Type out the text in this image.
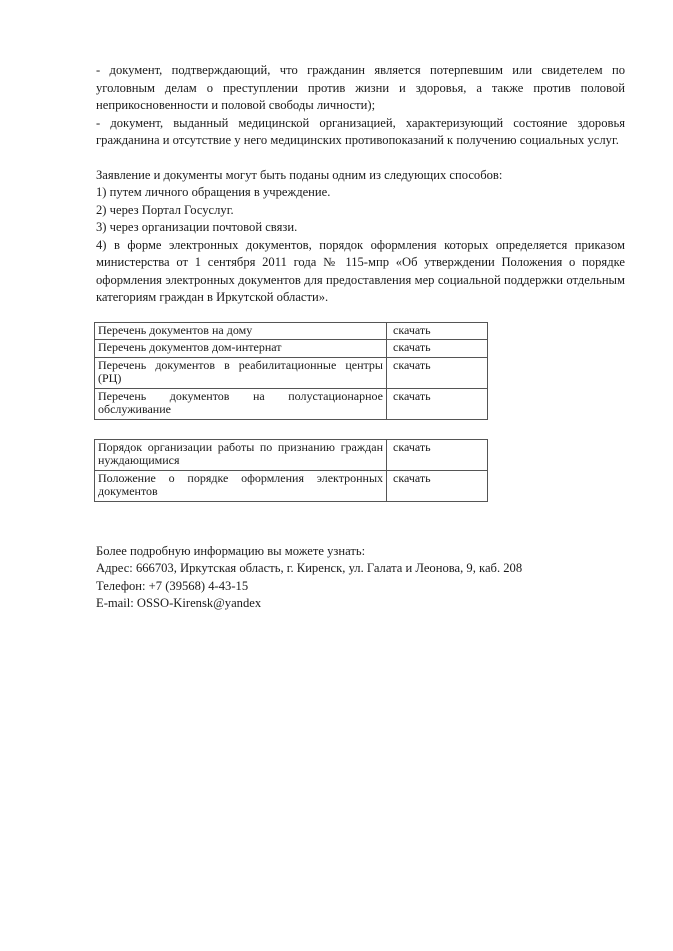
- документ, подтверждающий, что гражданин является потерпевшим или свидетелем по уголовным делам о преступлении против жизни и здоровья, а также против половой неприкосновенности и половой свободы личности);

- документ, выданный медицинской организацией, характеризующий состояние здоровья гражданина и отсутствие у него медицинских противопоказаний к получению социальных услуг.

Заявление и документы могут быть поданы одним из следующих способов:

1) путем личного обращения в учреждение.

2) через Портал Госуслуг.

3) через организации почтовой связи.

4) в форме электронных документов, порядок оформления которых определяется приказом министерства от 1 сентября 2011 года № 115-мпр «Об утверждении Положения о порядке оформления электронных документов для предоставления мер социальной поддержки отдельным категориям граждан в Иркутской области».

Перечень документов на дому	скачать
Перечень документов дом-интернат	скачать
Перечень документов в реабилитационные центры (РЦ)	скачать
Перечень документов на полустационарное обслуживание	скачать
Порядок организации работы по признанию граждан нуждающимися	скачать
Положение о порядке оформления электронных документов	скачать

Более подробную информацию вы можете узнать:

Адрес: 666703, Иркутская область, г. Киренск, ул. Галата и Леонова, 9, каб. 208

Телефон: +7 (39568) 4-43-15

E-mail: OSSO-Kirensk@yandex
